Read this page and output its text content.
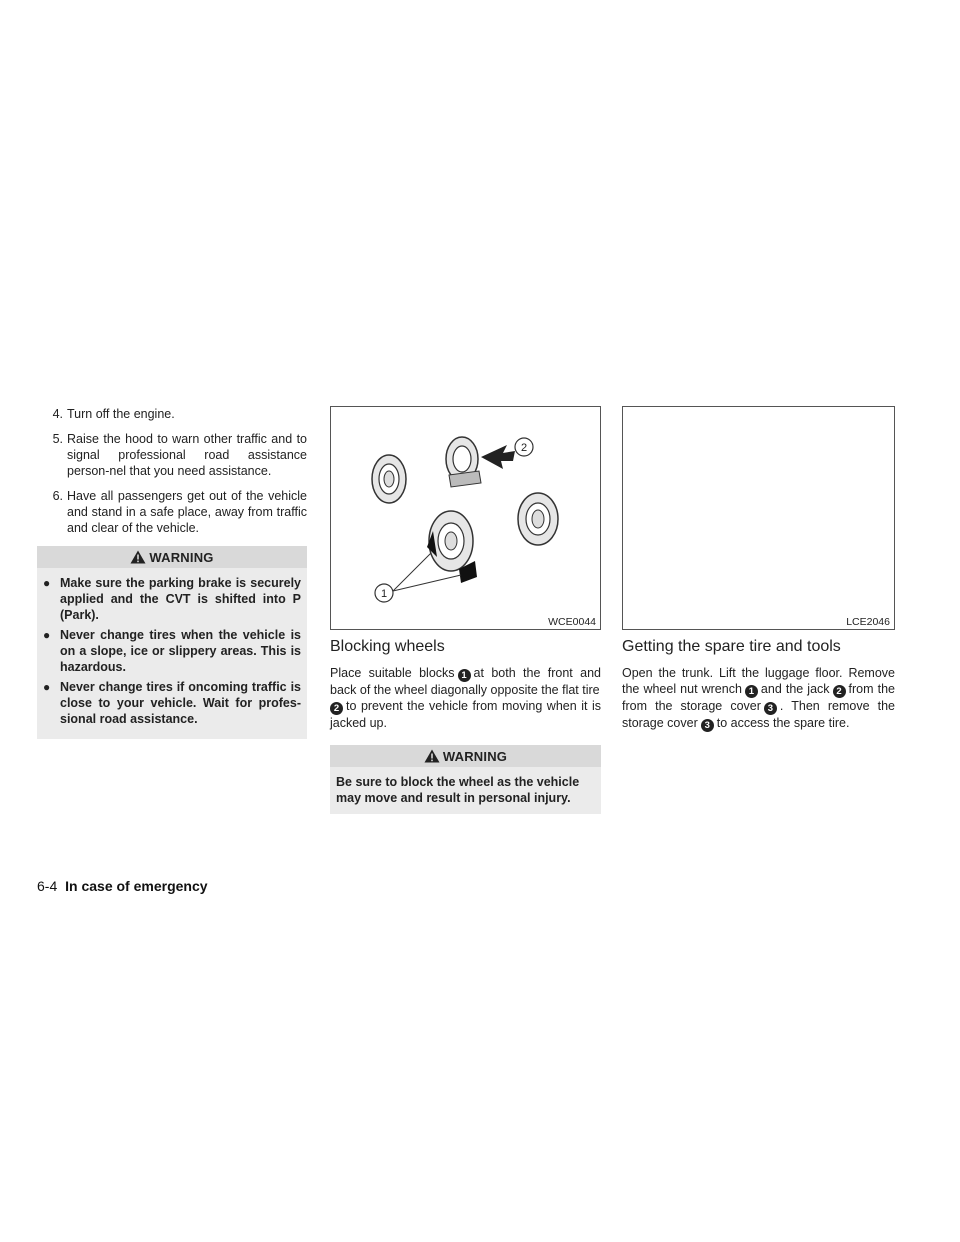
4. Turn off the engine.
5. Raise the hood to warn other traffic and to signal professional road assistance person-nel that you need assistance.
6. Have all passengers get out of the vehicle and stand in a safe place, away from traffic and clear of the vehicle.
WARNING
● Make sure the parking brake is securely applied and the CVT is shifted into P (Park).
● Never change tires when the vehicle is on a slope, ice or slippery areas. This is hazardous.
● Never change tires if oncoming traffic is close to your vehicle. Wait for profes-sional road assistance.
2
1
WCE0044
Blocking wheels

Place suitable blocks 1 at both the front and back of the wheel diagonally opposite the flat tire
2 to prevent the vehicle from moving when it is jacked up.

WARNING
Be sure to block the wheel as the vehicle may move and result in personal injury.
LCE2046
Getting the spare tire and tools

Open the trunk. Lift the luggage floor. Remove the wheel nut wrench 1 and the jack 2 from the from the storage cover 3 . Then remove the storage cover 3 to access the spare tire.

6-4 In case of emergency
